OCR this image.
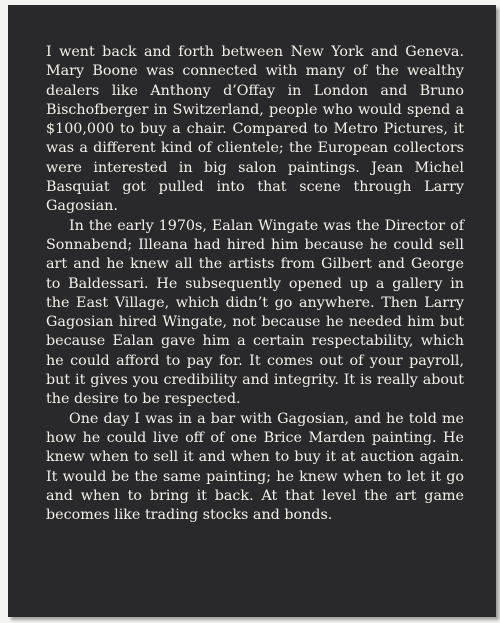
I went back and forth between New York and Geneva. Mary Boone was connected with many of the wealthy dealers like Anthony d’Offay in London and Bruno Bischofberger in Switzerland, people who would spend a $100,000 to buy a chair. Compared to Metro Pictures, it was a different kind of clientele; the European collectors were interested in big salon paintings. Jean Michel Basquiat got pulled into that scene through Larry Gagosian.

In the early 1970s, Ealan Wingate was the Director of Sonnabend; Illeana had hired him because he could sell art and he knew all the artists from Gilbert and George to Baldessari. He subsequently opened up a gallery in the East Village, which didn’t go anywhere. Then Larry Gagosian hired Wingate, not because he needed him but because Ealan gave him a certain respectability, which he could afford to pay for. It comes out of your payroll, but it gives you credibility and integrity. It is really about the desire to be respected.

One day I was in a bar with Gagosian, and he told me how he could live off of one Brice Marden painting. He knew when to sell it and when to buy it at auction again. It would be the same painting; he knew when to let it go and when to bring it back. At that level the art game becomes like trading stocks and bonds.
